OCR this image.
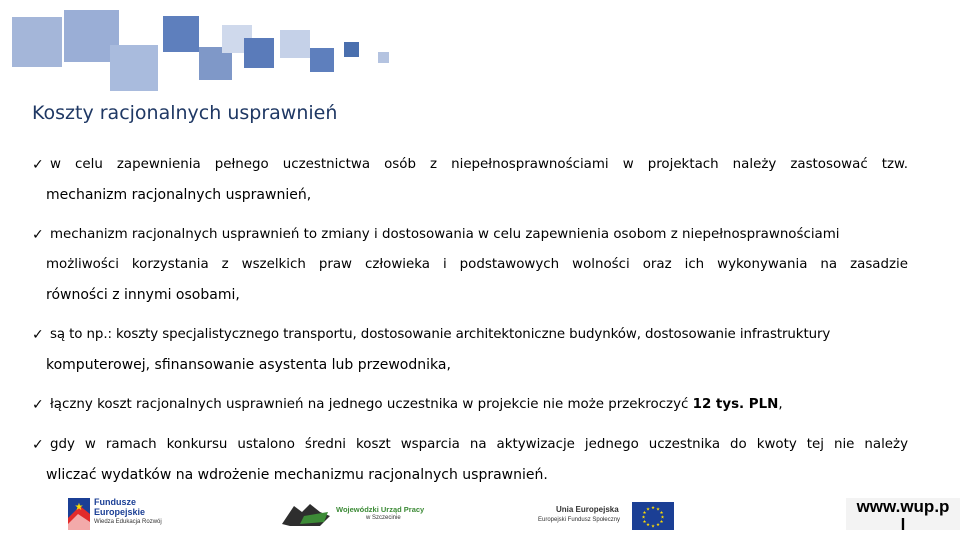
Koszty racjonalnych usprawnień
✓ w celu zapewnienia pełnego uczestnictwa osób z niepełnosprawnościami w projektach należy zastosować tzw.
mechanizm racjonalnych usprawnień,
✓ mechanizm racjonalnych usprawnień to zmiany i dostosowania w celu zapewnienia osobom z niepełnosprawnościami
możliwości korzystania z wszelkich praw człowieka i podstawowych wolności oraz ich wykonywania na zasadzie
równości z innymi osobami,
✓ są to np.: koszty specjalistycznego transportu, dostosowanie architektoniczne budynków, dostosowanie infrastruktury
komputerowej, sfinansowanie asystenta lub przewodnika,
✓ łączny koszt racjonalnych usprawnień na jednego uczestnika w projekcie nie może przekroczyć 12 tys. PLN,
✓ gdy w ramach konkursu ustalono średni koszt wsparcia na aktywizacje jednego uczestnika do kwoty tej nie należy
wliczać wydatków na wdrożenie mechanizmu racjonalnych usprawnień.
★ Fundusze
Europejskie
Wiedza Edukacja Rozwój
Wojewódzki Urząd Pracy
w Szczecinie
Unia Europejska
Europejski Fundusz Społeczny
★ ★
★
★
★
★
★
★
★
★
★
★	www.wup.p
l
